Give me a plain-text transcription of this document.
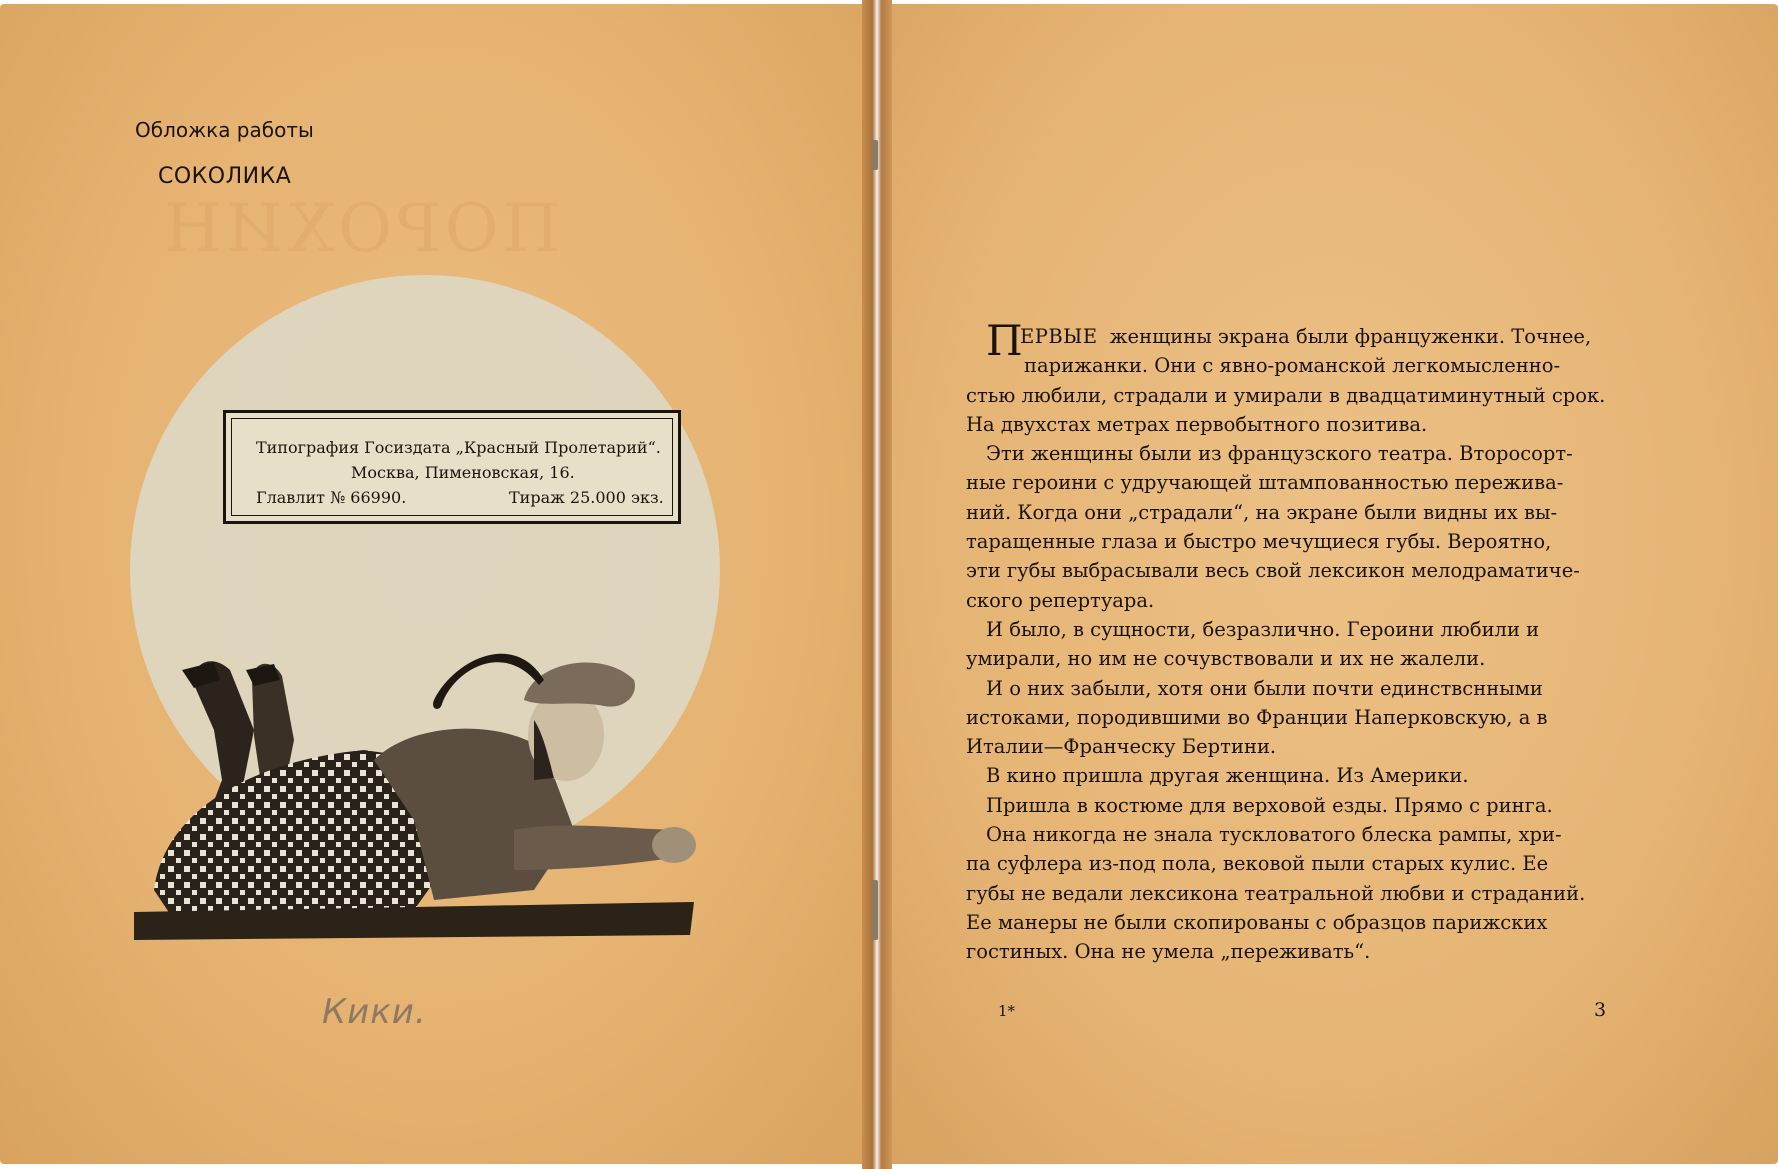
ПОРОХИН
Обложка работы
СОКОЛИКА
Типография Госиздата „Красный Пролетарий“.
Москва, Пименовская, 16.
Главлит № 66990.	Тираж 25.000 экз.
Кики.
П
ЕРВЫЕ женщины экрана были француженки. Точнее,
парижанки. Они с явно-романской легкомысленно-
стью любили, страдали и умирали в двадцатиминутный срок.
На двухстах метрах первобытного позитива.
Эти женщины были из французского театра. Второсорт-
ные героини с удручающей штампованностью пережива-
ний. Когда они „страдали“, на экране были видны их вы-
таращенные глаза и быстро мечущиеся губы. Вероятно,
эти губы выбрасывали весь свой лексикон мелодраматиче-
ского репертуара.
И было, в сущности, безразлично. Героини любили и
умирали, но им не сочувствовали и их не жалели.
И о них забыли, хотя они были почти единствснными
истоками, породившими во Франции Наперковскую, а в
Италии—Франческу Бертини.
В кино пришла другая женщина. Из Америки.
Пришла в костюме для верховой езды. Прямо с ринга.
Она никогда не знала тускловатого блеска рампы, хри-
па суфлера из-под пола, вековой пыли старых кулис. Ее
губы не ведали лексикона театральной любви и страданий.
Ее манеры не были скопированы с образцов парижских
гостиных. Она не умела „переживать“.
1*	3
